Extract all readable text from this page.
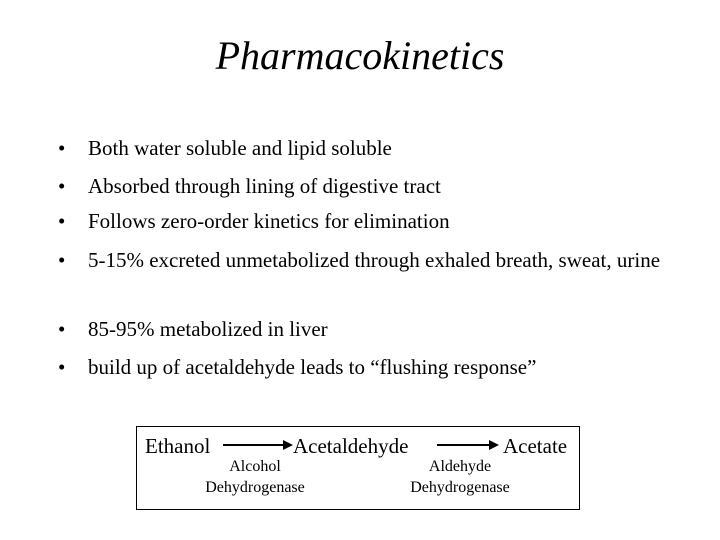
Pharmacokinetics
• Both water soluble and lipid soluble
• Absorbed through lining of digestive tract
• Follows zero-order kinetics for elimination
• 5-15% excreted unmetabolized through exhaled breath, sweat, urine
• 85-95% metabolized in liver
• build up of acetaldehyde leads to “flushing response”
Ethanol	Acetaldehyde	Acetate
Alcohol
Dehydrogenase
Aldehyde
Dehydrogenase
